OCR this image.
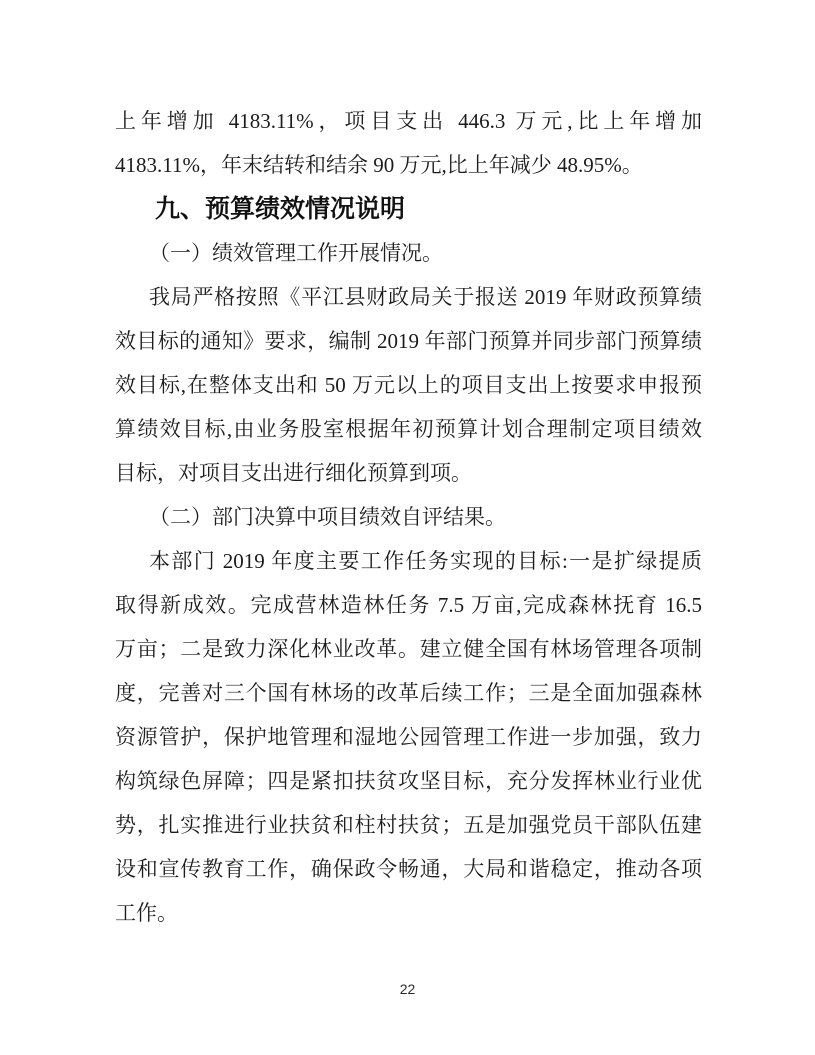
上年增加 4183.11%，项目支出 446.3 万元,比上年增加
4183.11%，年末结转和结余 90 万元,比上年减少 48.95%。
九、预算绩效情况说明
（一）绩效管理工作开展情况。
我局严格按照《平江县财政局关于报送 2019 年财政预算绩
效目标的通知》要求，编制 2019 年部门预算并同步部门预算绩
效目标,在整体支出和 50 万元以上的项目支出上按要求申报预
算绩效目标,由业务股室根据年初预算计划合理制定项目绩效
目标，对项目支出进行细化预算到项。
（二）部门决算中项目绩效自评结果。
本部门 2019 年度主要工作任务实现的目标:一是扩绿提质
取得新成效。完成营林造林任务 7.5 万亩,完成森林抚育 16.5
万亩；二是致力深化林业改革。建立健全国有林场管理各项制
度，完善对三个国有林场的改革后续工作；三是全面加强森林
资源管护，保护地管理和湿地公园管理工作进一步加强，致力
构筑绿色屏障；四是紧扣扶贫攻坚目标，充分发挥林业行业优
势，扎实推进行业扶贫和柱村扶贫；五是加强党员干部队伍建
设和宣传教育工作，确保政令畅通，大局和谐稳定，推动各项
工作。
22
